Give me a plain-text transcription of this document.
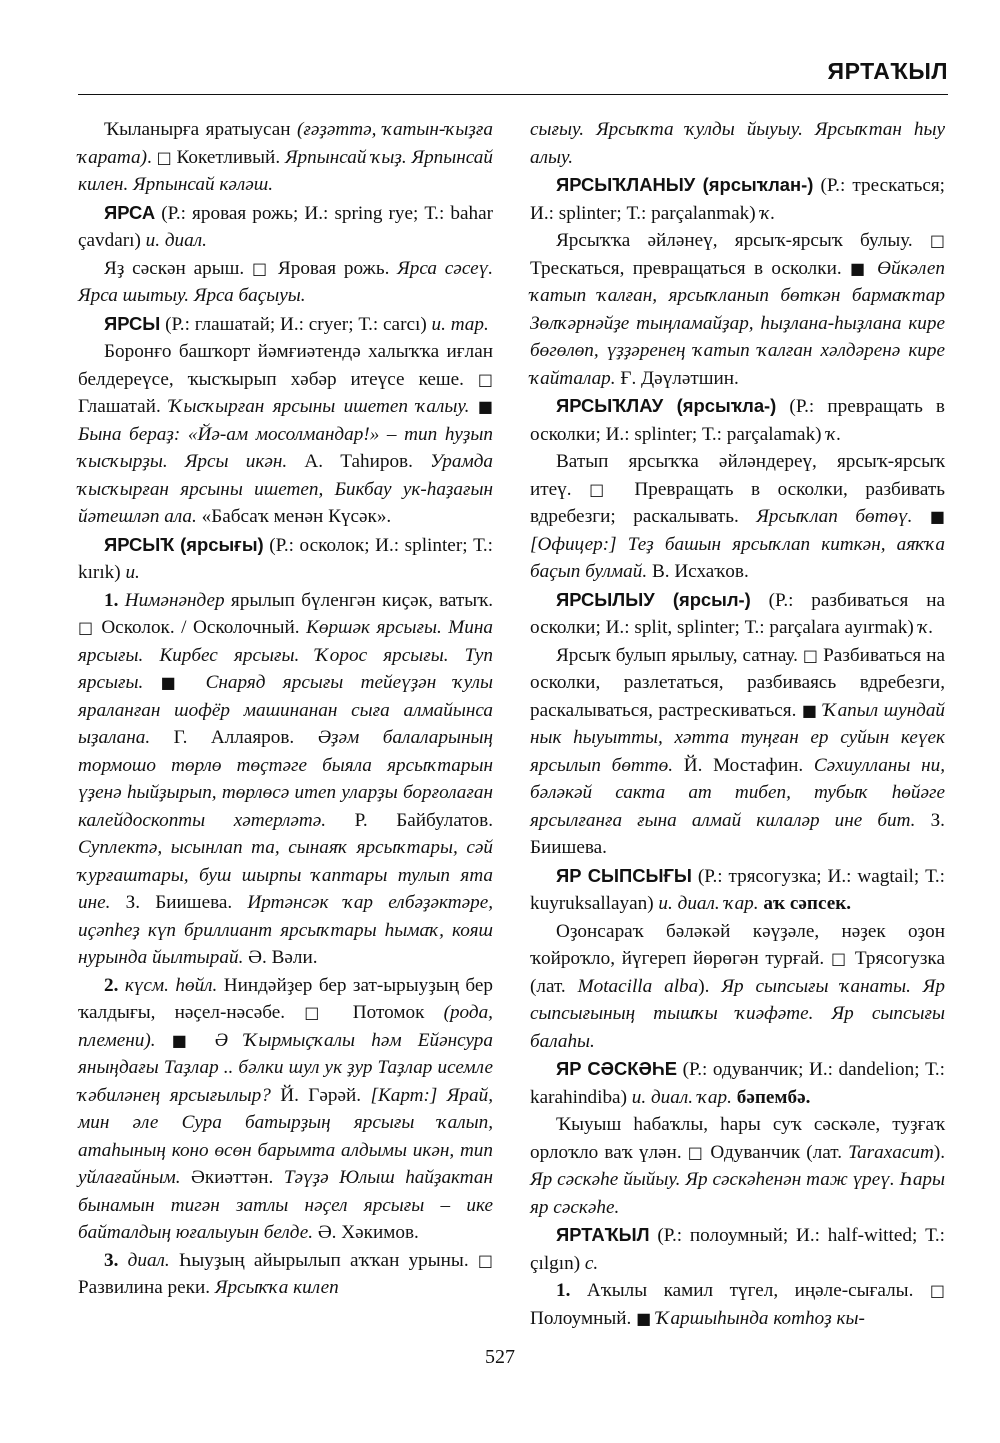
ЯРТАҠЫЛ

Ҡыланырға яратыусан (ғәҙәттә, ҡатын-ҡыҙға ҡарата). □ Кокетливый. Ярпынсай ҡыҙ. Ярпынсай килен. Ярпынсай кәләш.

ЯРСА (Р.: яровая рожь; И.: spring rye; Т.: bahar çavdarı) и. диал.

Яҙ сәскән арыш. □ Яровая рожь. Ярса сәсеү. Ярса шытыу. Ярса баҫыуы.

ЯРСЫ (Р.: глашатай; И.: cryer; Т.: carcı) и. тар.

Боронғо башҡорт йәмғиәтендә халыҡҡа иғлан белдереүсе, ҡысҡырып хәбәр итеүсе кеше. □ Глашатай. Ҡысҡырған ярсыны ишетеп ҡалыу. ■ Бына бераҙ: «Йә-ам мосолмандар!» – тип һуҙып ҡысҡырҙы. Ярсы икән. А. Таһиров. Урамда ҡысҡырған ярсыны ишетеп, Бикбау ук-һаҙағын йәтешләп ала. «Бабсаҡ менән Күсәк».

ЯРСЫҠ (ярсығы) (Р.: осколок; И.: splinter; Т.: kırık) и.

1. Нимәнәндер ярылып бүленгән киҫәк, ватыҡ. □ Осколок. / Осколочный. Көршәк ярсығы. Мина ярсығы. Кирбес ярсығы. Ҡорос ярсығы. Туп ярсығы. ■ Снаряд ярсығы тейеүҙән ҡулы яраланған шофёр машинанан сыға алмайынса ыҙалана. Г. Аллаяров. Әҙәм балаларының тормошо төрлө төҫтәге быяла ярсыҡтарын үҙенә һыйҙырып, төрлөсә итеп уларҙы борғолаған калейдоскопты хәтерләтә. Р. Байбулатов. Суплектә, ысынлап та, сынаяҡ ярсыҡтары, сәй ҡурғаштары, буш шырпы ҡаптары тулып ята ине. З. Биишева. Иртәнсәк ҡар елбәҙәктәре, иҫәпһеҙ күп бриллиант ярсыҡтары һымаҡ, кояш нурында йылтырай. Ә. Вәли.

2. күсм. һөйл. Ниндәйҙер бер зат-ырыуҙың бер ҡалдығы, нәҫел-нәсәбе. □ Потомок (рода, племени). ■ Ә Ҡырмыҫҡалы һәм Ейәнсура яныңдағы Таҙлар .. бәлки шул ук ҙур Таҙлар исемле ҡәбиләнең ярсығылыр? Й. Гәрәй. [Карт:] Ярай, мин әле Сура батырҙың ярсығы ҡалып, атаһының коно өсөн барымта алдымы икән, тип уйлағайным. Әкиәттән. Тәүҙә Юлыш һайҙактан бынамын тигән затлы нәҫел ярсығы – ике байталдың юғалыуын белде. Ә. Хәкимов.

3. диал. Һыуҙың айырылып аҡҡан урыны. □ Развилина реки. Ярсыҡҡа килеп

сығыу. Ярсыҡта ҡулды йыуыу. Ярсыҡтан һыу алыу.

ЯРСЫҠЛАНЫУ (ярсыҡлан-) (Р.: трескаться; И.: splinter; Т.: parçalanmak) ҡ.

Ярсыҡҡа әйләнеү, ярсыҡ-ярсыҡ булыу. □ Трескаться, превращаться в осколки. ■ Өйкәлеп ҡатып ҡалған, ярсыҡланып бөткән бармаҡтар Зөлҡәрнәйҙе тыңламайҙар, һыҙлана-һыҙлана кире бөгөлөп, үҙҙәренең ҡатып ҡалған хәлдәренә кире ҡайталар. Ғ. Дәүләтшин.

ЯРСЫҠЛАУ (ярсыҡла-) (Р.: превращать в осколки; И.: splinter; Т.: parçalamak) ҡ.

Ватып ярсыҡҡа әйләндереү, ярсыҡ-ярсыҡ итеү. □ Превращать в осколки, разбивать вдребезги; раскалывать. Ярсыҡлап бөтөү. ■ [Офицер:] Теҙ башын ярсыҡлап киткән, аяҡҡа баҫып булмай. В. Исхаҡов.

ЯРСЫЛЫУ (ярсыл-) (Р.: разбиваться на осколки; И.: split, splinter; Т.: parçalara ayırmak) ҡ.

Ярсыҡ булып ярылыу, сатнау. □ Разбиваться на осколки, разлетаться, разбиваясь вдребезги, раскалываться, растрескиваться. ■ Ҡапыл шундай нык һыуытты, хәтта туңған ер суйын кеүек ярсылып бөттө. Й. Мостафин. Сәхиулланы ни, бәләкәй сакта ат тибеп, тубыҡ һөйәге ярсылғанға ғына алмай килаләр ине бит. З. Биишева.

ЯР СЫПСЫҒЫ (Р.: трясогузка; И.: wagtail; Т.: kuyruksallayan) и. диал. ҡар. аҡ сәпсек.

Оҙонсараҡ бәләкәй кәүҙәле, нәҙек оҙон ҡойроҡло, йүгереп йөрөгән турғай. □ Трясогузка (лат. Motacilla alba). Яр сыпсығы ҡанаты. Яр сыпсығының тышҡы ҡиәфәте. Яр сыпсығы балаһы.

ЯР СӘСКӘҺЕ (Р.: одуванчик; И.: dandelion; Т.: karahindiba) и. диал. ҡар. бәпембә.

Ҡыуыш һабаҡлы, һары суҡ сәскәле, туҙғаҡ орлоҡло ваҡ үлән. □ Одуванчик (лат. Taraxacum). Яр сәскәһе йыйыу. Яр сәскәһенән таж үреү. Һары яр сәскәһе.

ЯРТАҠЫЛ (Р.: полоумный; И.: half-witted; Т.: çılgın) с.

1. Аҡылы камил түгел, иңәле-сығалы. □ Полоумный. ■ Ҡаршыһында котһоҙ кы-

527
